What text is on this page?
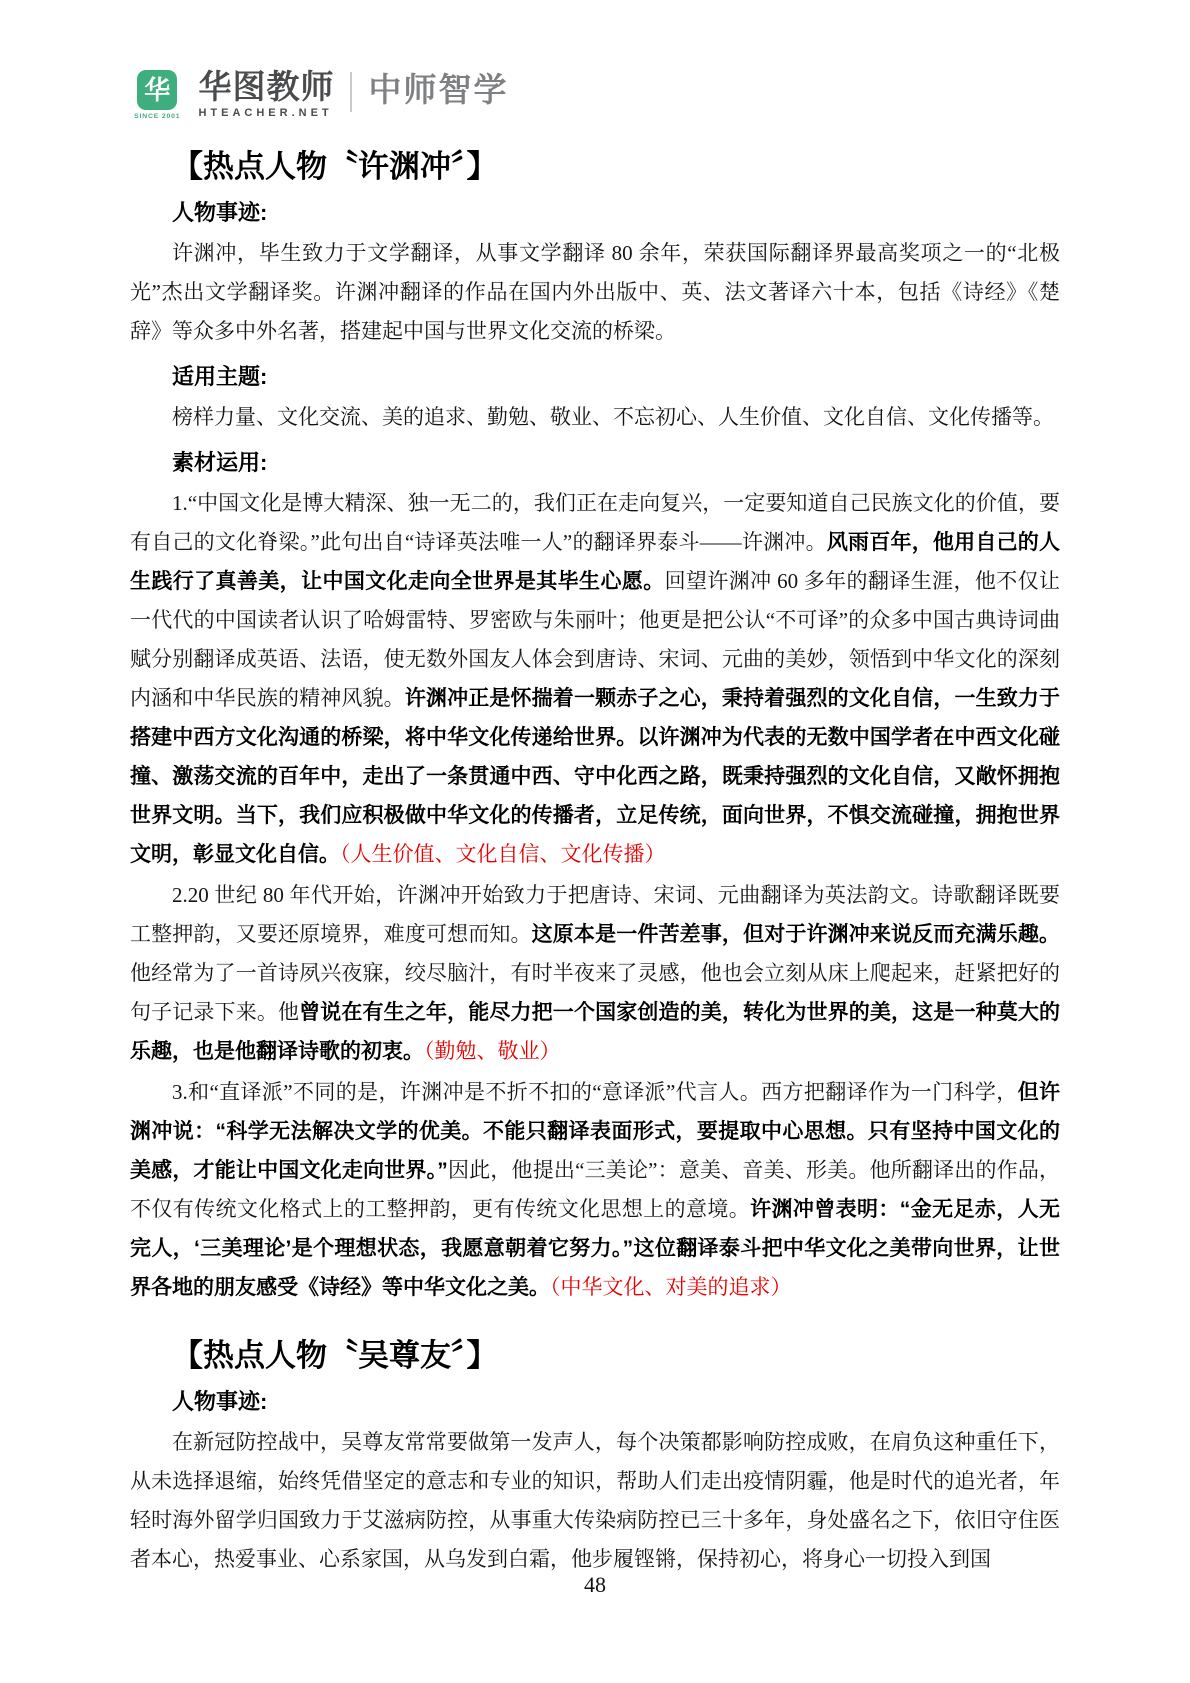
华
SINCE 2001
华图教师
HTEACHER.NET
中师智学
【热点人物〝许渊冲〞】
人物事迹:

许渊冲，毕生致力于文学翻译，从事文学翻译 80 余年，荣获国际翻译界最高奖项之一的“北极光”杰出文学翻译奖。许渊冲翻译的作品在国内外出版中、英、法文著译六十本，包括《诗经》《楚辞》等众多中外名著，搭建起中国与世界文化交流的桥梁。

适用主题:

榜样力量、文化交流、美的追求、勤勉、敬业、不忘初心、人生价值、文化自信、文化传播等。

素材运用:

1.“中国文化是博大精深、独一无二的，我们正在走向复兴，一定要知道自己民族文化的价值，要有自己的文化脊梁。”此句出自“诗译英法唯一人”的翻译界泰斗——许渊冲。风雨百年，他用自己的人生践行了真善美，让中国文化走向全世界是其毕生心愿。回望许渊冲 60 多年的翻译生涯，他不仅让一代代的中国读者认识了哈姆雷特、罗密欧与朱丽叶；他更是把公认“不可译”的众多中国古典诗词曲赋分别翻译成英语、法语，使无数外国友人体会到唐诗、宋词、元曲的美妙，领悟到中华文化的深刻内涵和中华民族的精神风貌。许渊冲正是怀揣着一颗赤子之心，秉持着强烈的文化自信，一生致力于搭建中西方文化沟通的桥梁，将中华文化传递给世界。以许渊冲为代表的无数中国学者在中西文化碰撞、激荡交流的百年中，走出了一条贯通中西、守中化西之路，既秉持强烈的文化自信，又敞怀拥抱世界文明。当下，我们应积极做中华文化的传播者，立足传统，面向世界，不惧交流碰撞，拥抱世界文明，彰显文化自信。（人生价值、文化自信、文化传播）

2.20 世纪 80 年代开始，许渊冲开始致力于把唐诗、宋词、元曲翻译为英法韵文。诗歌翻译既要工整押韵，又要还原境界，难度可想而知。这原本是一件苦差事，但对于许渊冲来说反而充满乐趣。他经常为了一首诗夙兴夜寐，绞尽脑汁，有时半夜来了灵感，他也会立刻从床上爬起来，赶紧把好的句子记录下来。他曾说在有生之年，能尽力把一个国家创造的美，转化为世界的美，这是一种莫大的乐趣，也是他翻译诗歌的初衷。（勤勉、敬业）

3.和“直译派”不同的是，许渊冲是不折不扣的“意译派”代言人。西方把翻译作为一门科学，但许渊冲说：“科学无法解决文学的优美。不能只翻译表面形式，要提取中心思想。只有坚持中国文化的美感，才能让中国文化走向世界。”因此，他提出“三美论”：意美、音美、形美。他所翻译出的作品，不仅有传统文化格式上的工整押韵，更有传统文化思想上的意境。许渊冲曾表明：“金无足赤，人无完人，‘三美理论’是个理想状态，我愿意朝着它努力。”这位翻译泰斗把中华文化之美带向世界，让世界各地的朋友感受《诗经》等中华文化之美。（中华文化、对美的追求）

【热点人物〝吴尊友〞】
人物事迹:

在新冠防控战中，吴尊友常常要做第一发声人，每个决策都影响防控成败，在肩负这种重任下，从未选择退缩，始终凭借坚定的意志和专业的知识，帮助人们走出疫情阴霾，他是时代的追光者，年轻时海外留学归国致力于艾滋病防控，从事重大传染病防控已三十多年，身处盛名之下，依旧守住医者本心，热爱事业、心系家国，从乌发到白霜，他步履铿锵，保持初心，将身心一切投入到国

48
